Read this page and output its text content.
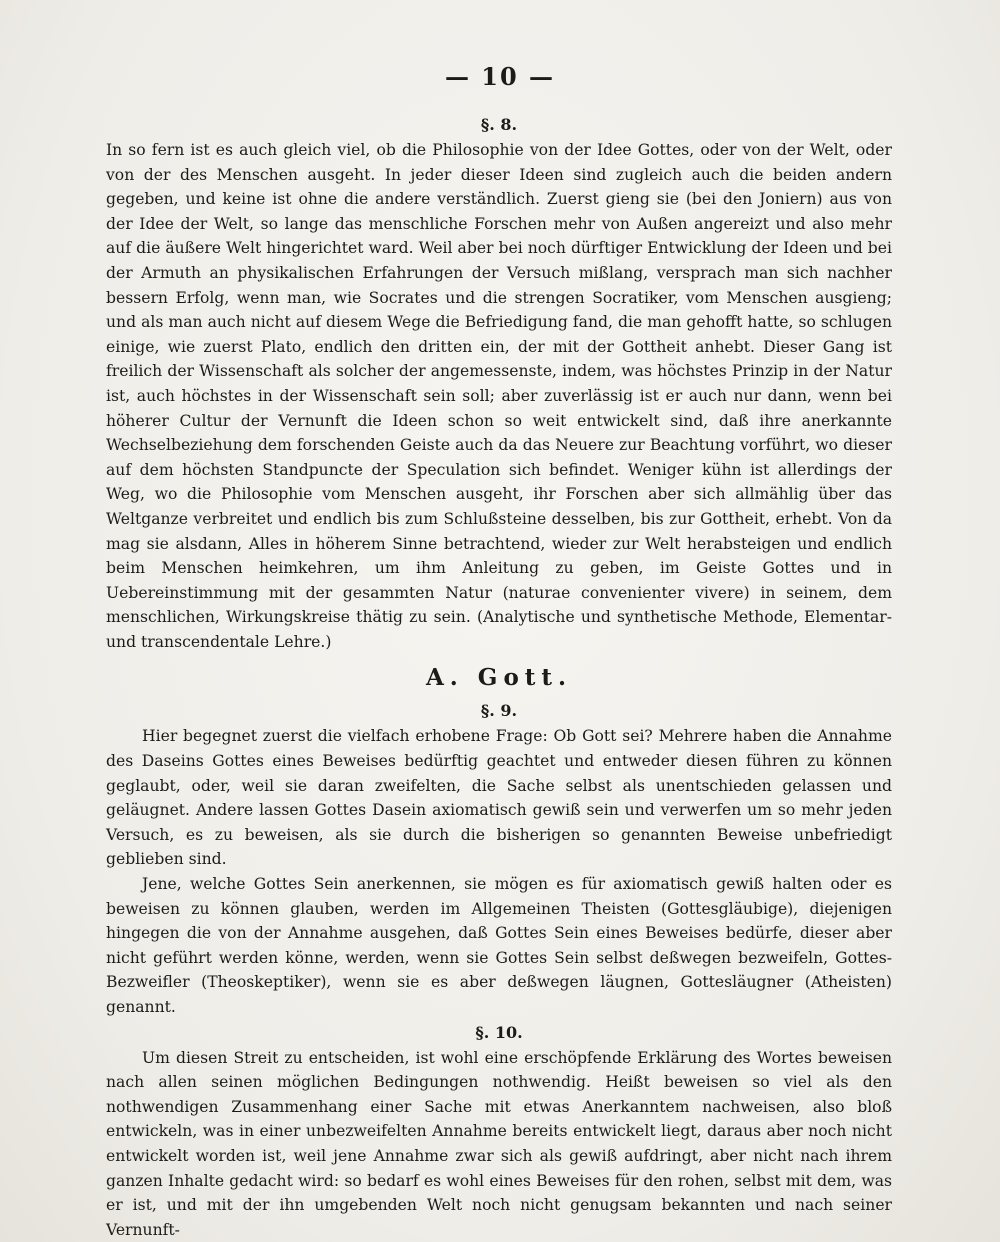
— 10 —

§. 8.

In so fern ist es auch gleich viel, ob die Philosophie von der Idee Gottes, oder von der Welt, oder von der des Menschen ausgeht. In jeder dieser Ideen sind zugleich auch die beiden andern gegeben, und keine ist ohne die andere verständlich. Zuerst gieng sie (bei den Joniern) aus von der Idee der Welt, so lange das menschliche Forschen mehr von Außen angereizt und also mehr auf die äußere Welt hingerichtet ward. Weil aber bei noch dürftiger Entwicklung der Ideen und bei der Armuth an physikalischen Erfahrungen der Versuch mißlang, versprach man sich nachher bessern Erfolg, wenn man, wie Socrates und die strengen Socratiker, vom Menschen ausgieng; und als man auch nicht auf diesem Wege die Befriedigung fand, die man gehofft hatte, so schlugen einige, wie zuerst Plato, endlich den dritten ein, der mit der Gottheit anhebt. Dieser Gang ist freilich der Wissenschaft als solcher der angemessenste, indem, was höchstes Prinzip in der Natur ist, auch höchstes in der Wissenschaft sein soll; aber zuverlässig ist er auch nur dann, wenn bei höherer Cultur der Vernunft die Ideen schon so weit entwickelt sind, daß ihre anerkannte Wechselbeziehung dem forschenden Geiste auch da das Neuere zur Beachtung vorführt, wo dieser auf dem höchsten Standpuncte der Speculation sich befindet. Weniger kühn ist allerdings der Weg, wo die Philosophie vom Menschen ausgeht, ihr Forschen aber sich allmählig über das Weltganze verbreitet und endlich bis zum Schlußsteine desselben, bis zur Gottheit, erhebt. Von da mag sie alsdann, Alles in höherem Sinne betrachtend, wieder zur Welt herabsteigen und endlich beim Menschen heimkehren, um ihm Anleitung zu geben, im Geiste Gottes und in Uebereinstimmung mit der gesammten Natur (naturae convenienter vivere) in seinem, dem menschlichen, Wirkungskreise thätig zu sein. (Analytische und synthetische Methode, Elementar- und transcendentale Lehre.)

A. Gott.

§. 9.

Hier begegnet zuerst die vielfach erhobene Frage: Ob Gott sei? Mehrere haben die Annahme des Daseins Gottes eines Beweises bedürftig geachtet und entweder diesen führen zu können geglaubt, oder, weil sie daran zweifelten, die Sache selbst als unentschieden gelassen und geläugnet. Andere lassen Gottes Dasein axiomatisch gewiß sein und verwerfen um so mehr jeden Versuch, es zu beweisen, als sie durch die bisherigen so genannten Beweise unbefriedigt geblieben sind.

Jene, welche Gottes Sein anerkennen, sie mögen es für axiomatisch gewiß halten oder es beweisen zu können glauben, werden im Allgemeinen Theisten (Gottesgläubige), diejenigen hingegen die von der Annahme ausgehen, daß Gottes Sein eines Beweises bedürfe, dieser aber nicht geführt werden könne, werden, wenn sie Gottes Sein selbst deßwegen bezweifeln, Gottes-Bezweifler (Theoskeptiker), wenn sie es aber deßwegen läugnen, Gottesläugner (Atheisten) genannt.

§. 10.

Um diesen Streit zu entscheiden, ist wohl eine erschöpfende Erklärung des Wortes beweisen nach allen seinen möglichen Bedingungen nothwendig. Heißt beweisen so viel als den nothwendigen Zusammenhang einer Sache mit etwas Anerkanntem nachweisen, also bloß entwickeln, was in einer unbezweifelten Annahme bereits entwickelt liegt, daraus aber noch nicht entwickelt worden ist, weil jene Annahme zwar sich als gewiß aufdringt, aber nicht nach ihrem ganzen Inhalte gedacht wird: so bedarf es wohl eines Beweises für den rohen, selbst mit dem, was er ist, und mit der ihn umgebenden Welt noch nicht genugsam bekannten und nach seiner Vernunft-
